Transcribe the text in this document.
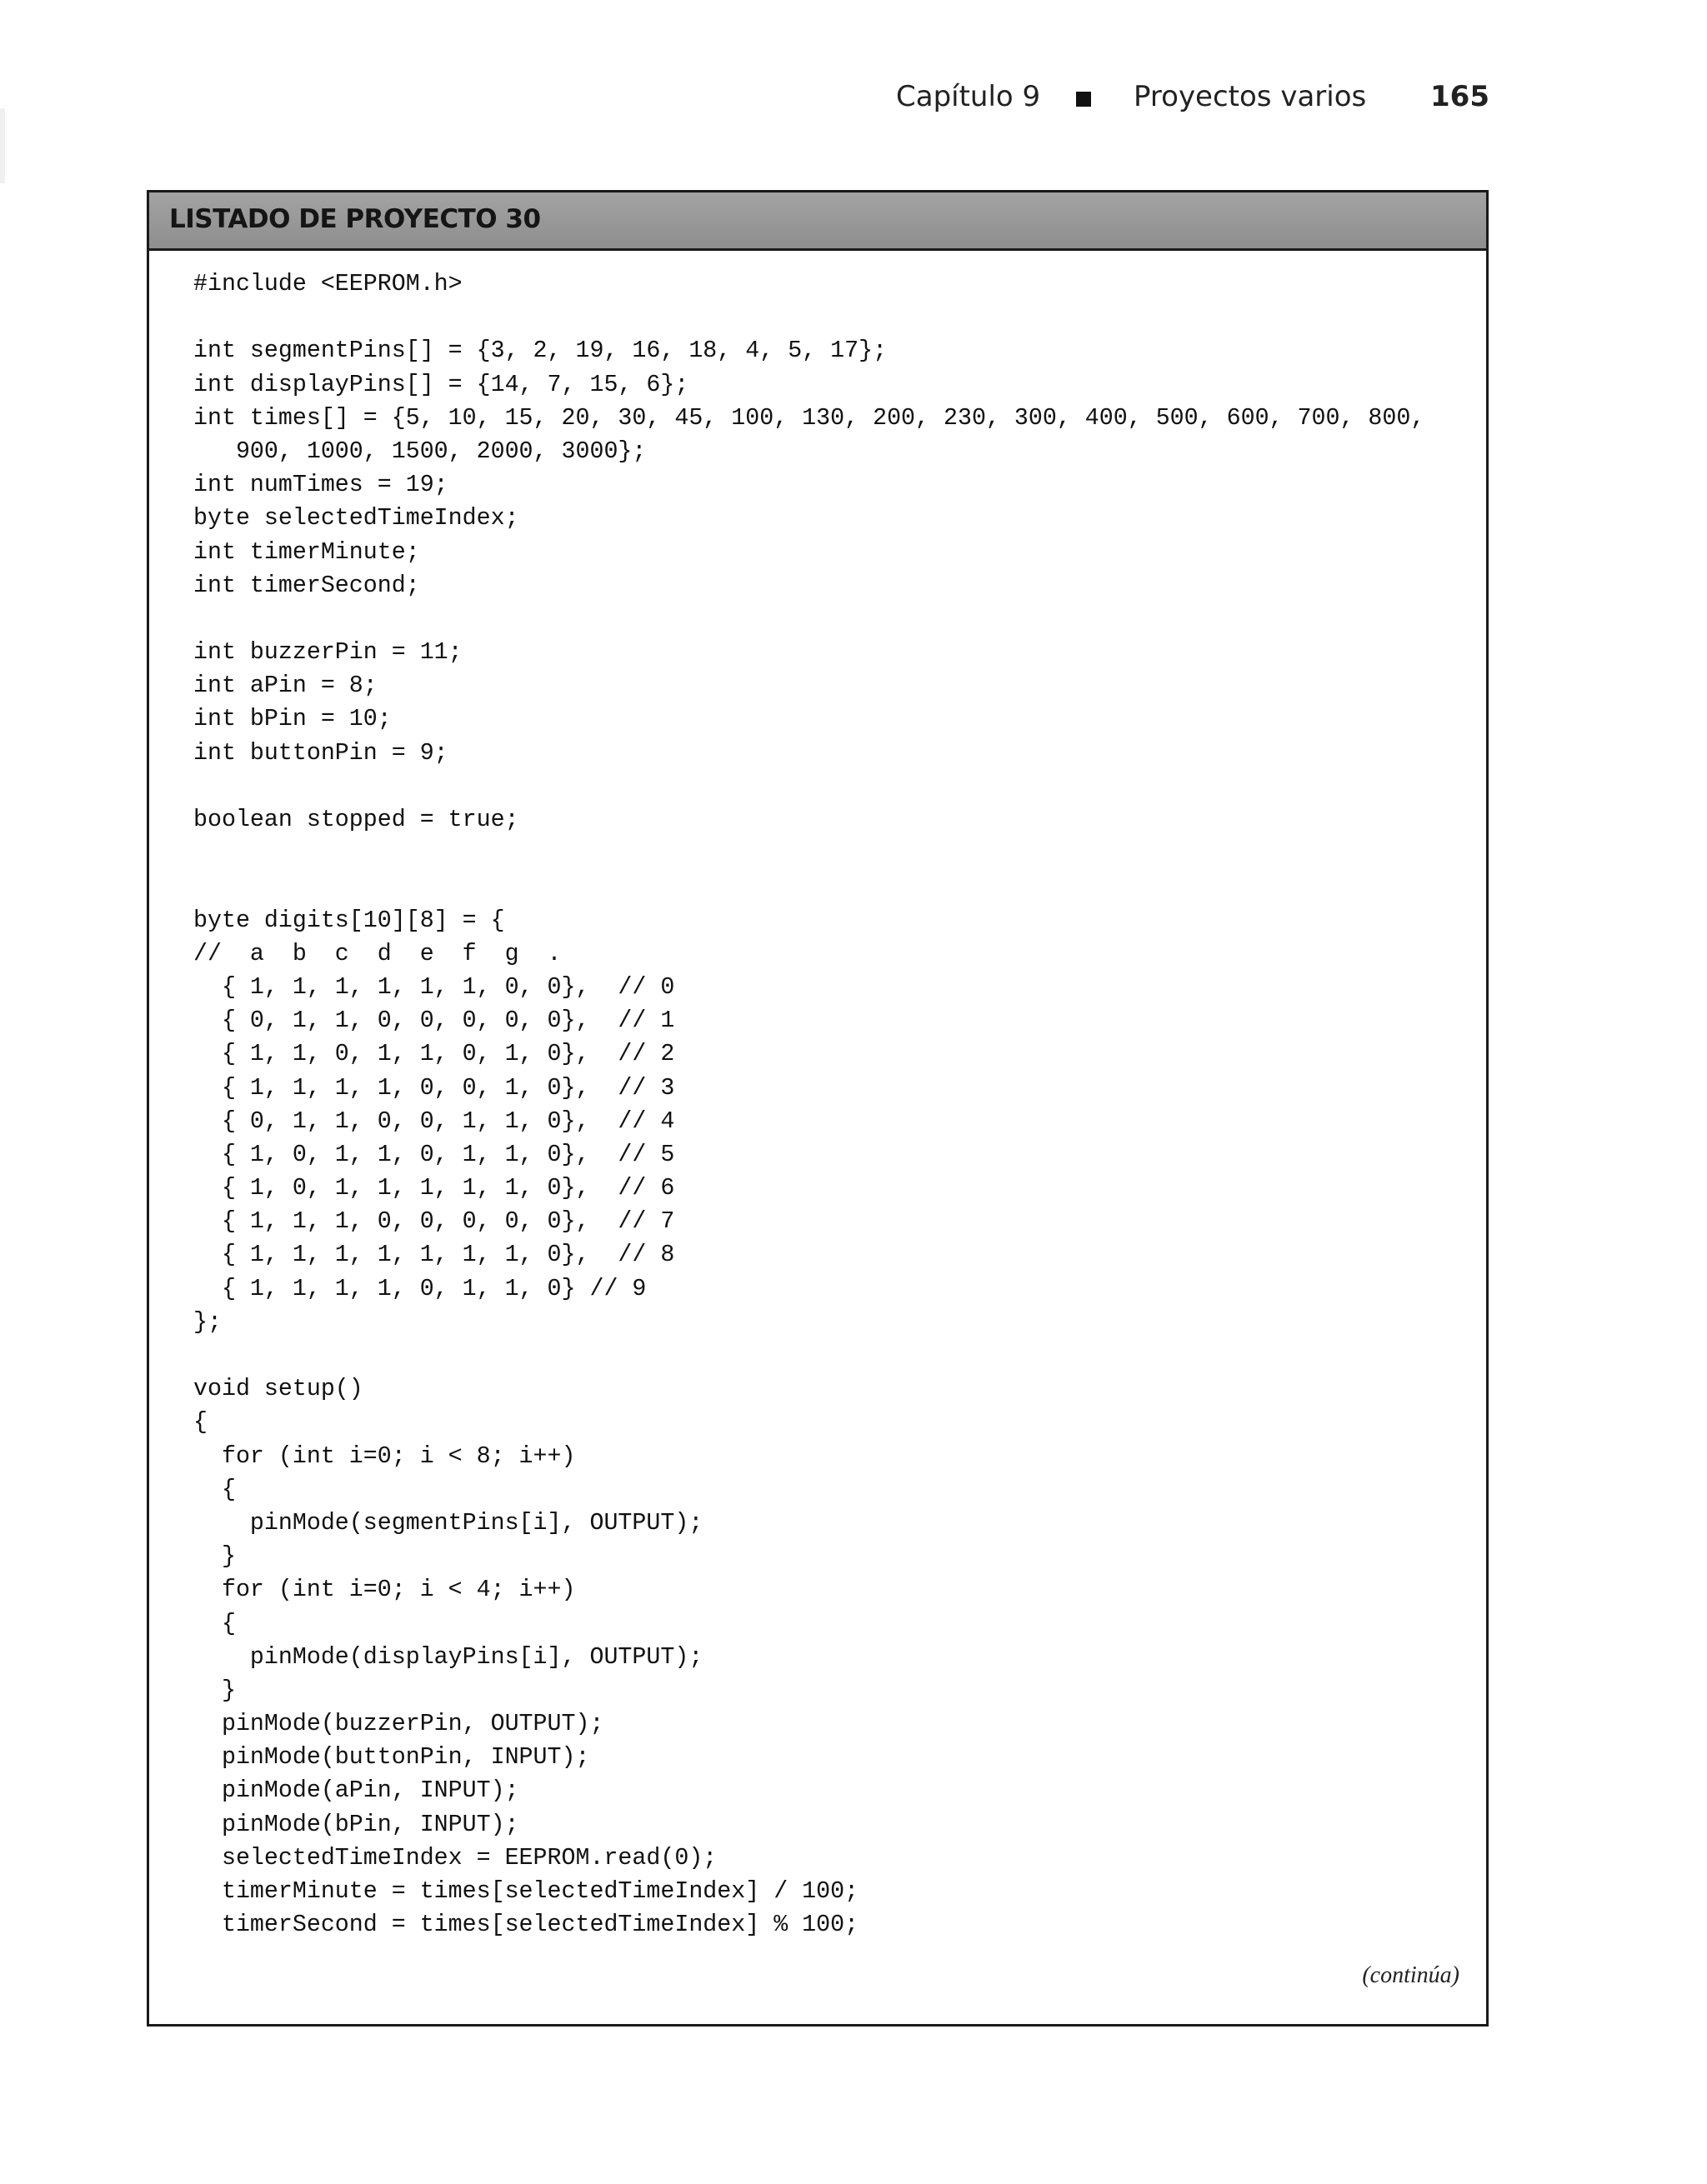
Capítulo 9	Proyectos varios 165
LISTADO DE PROYECTO 30
#include <EEPROM.h>
int segmentPins[] = {3, 2, 19, 16, 18, 4, 5, 17};
int displayPins[] = {14, 7, 15, 6};
int times[] = {5, 10, 15, 20, 30, 45, 100, 130, 200, 230, 300, 400, 500, 600, 700, 800,
900, 1000, 1500, 2000, 3000};
int numTimes = 19;
byte selectedTimeIndex;
int timerMinute;
int timerSecond;
int buzzerPin = 11;
int aPin = 8;
int bPin = 10;
int buttonPin = 9;
boolean stopped = true;
byte digits[10][8] = {
//  a  b  c  d  e  f  g  .
{ 1, 1, 1, 1, 1, 1, 0, 0},  // 0
{ 0, 1, 1, 0, 0, 0, 0, 0},  // 1
{ 1, 1, 0, 1, 1, 0, 1, 0},  // 2
{ 1, 1, 1, 1, 0, 0, 1, 0},  // 3
{ 0, 1, 1, 0, 0, 1, 1, 0},  // 4
{ 1, 0, 1, 1, 0, 1, 1, 0},  // 5
{ 1, 0, 1, 1, 1, 1, 1, 0},  // 6
{ 1, 1, 1, 0, 0, 0, 0, 0},  // 7
{ 1, 1, 1, 1, 1, 1, 1, 0},  // 8
{ 1, 1, 1, 1, 0, 1, 1, 0} // 9
};
void setup()
{
for (int i=0; i < 8; i++)
{
pinMode(segmentPins[i], OUTPUT);
}
for (int i=0; i < 4; i++)
{
pinMode(displayPins[i], OUTPUT);
}
pinMode(buzzerPin, OUTPUT);
pinMode(buttonPin, INPUT);
pinMode(aPin, INPUT);
pinMode(bPin, INPUT);
selectedTimeIndex = EEPROM.read(0);
timerMinute = times[selectedTimeIndex] / 100;
timerSecond = times[selectedTimeIndex] % 100;
(continúa)
